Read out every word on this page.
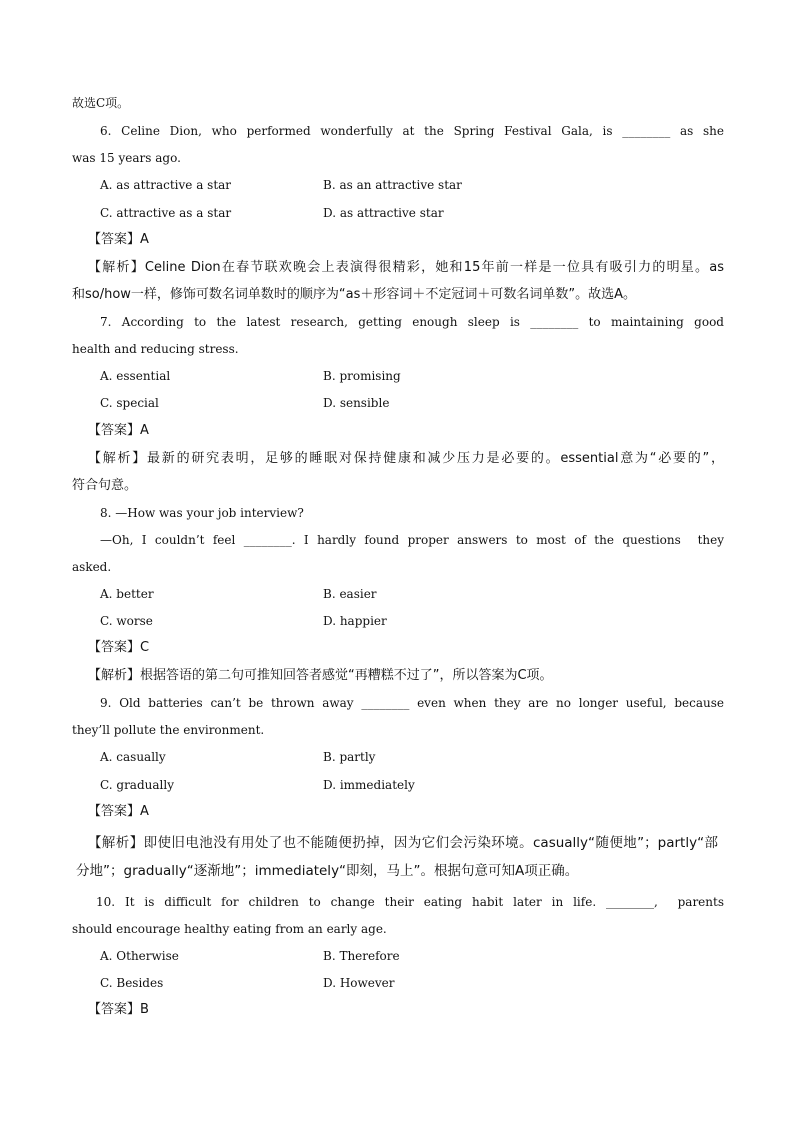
故选C项。
6. Celine Dion, who performed wonderfully at the Spring Festival Gala, is ________ as she
was 15 years ago.
A. as attractive a star	B. as an attractive star
C. attractive as a star	D. as attractive star
【答案】A
【解析】Celine Dion在春节联欢晚会上表演得很精彩，她和15年前一样是一位具有吸引力的明星。as
和so/how一样，修饰可数名词单数时的顺序为“as＋形容词＋不定冠词＋可数名词单数”。故选A。
7. According to the latest research, getting enough sleep is ________ to maintaining good
health and reducing stress.
A. essential	B. promising
C. special	D. sensible
【答案】A
【解析】最新的研究表明，足够的睡眠对保持健康和减少压力是必要的。essential意为“必要的”，
符合句意。
8. —How was your job interview?
—Oh, I couldn’t feel ________. I hardly found proper answers to most of the questions  they
asked.
A. better	B. easier
C. worse	D. happier
【答案】C
【解析】根据答语的第二句可推知回答者感觉“再糟糕不过了”，所以答案为C项。
9. Old batteries can’t be thrown away ________ even when they are no longer useful, because
they’ll pollute the environment.
A. casually	B. partly
C. gradually	D. immediately
【答案】A
【解析】即使旧电池没有用处了也不能随便扔掉，因为它们会污染环境。casually“随便地”；partly“部
分地”；gradually“逐渐地”；immediately“即刻，马上”。根据句意可知A项正确。
10. It is difficult for children to change their eating habit later in life. ________,  parents
should encourage healthy eating from an early age.
A. Otherwise	B. Therefore
C. Besides	D. However
【答案】B
